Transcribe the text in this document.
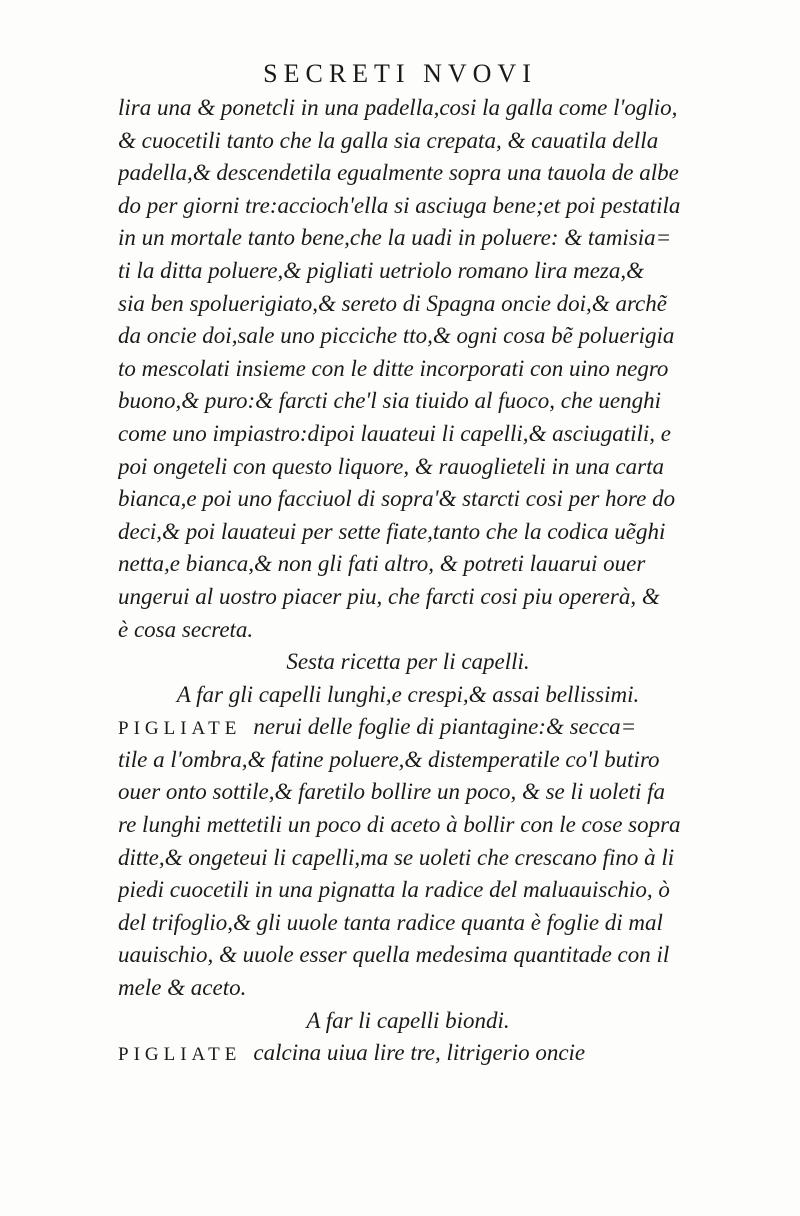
SECRETI NVOVI
lira una & ponetcli in una padella,cosi la galla come l'oglio,
& cuocetili tanto che la galla sia crepata, & cauatila della
padella,& descendetila egualmente sopra una tauola de albe
do per giorni tre:accioch'ella si asciuga bene;et poi pestatila
in un mortale tanto bene,che la uadi in poluere: & tamisia=
ti la ditta poluere,& pigliati uetriolo romano lira meza,&
sia ben spoluerigiato,& sereto di Spagna oncie doi,& archẽ
da oncie doi,sale uno picciche tto,& ogni cosa bẽ poluerigia
to mescolati insieme con le ditte incorporati con uino negro
buono,& puro:& farcti che'l sia tiuido al fuoco, che uenghi
come uno impiastro:dipoi lauateui li capelli,& asciugatili, e
poi ongeteli con questo liquore, & rauoglieteli in una carta
bianca,e poi uno facciuol di sopra'& starcti cosi per hore do
deci,& poi lauateui per sette fiate,tanto che la codica uẽghi
netta,e bianca,& non gli fati altro, & potreti lauarui ouer
ungerui al uostro piacer piu, che farcti cosi piu opererà, &
è cosa secreta.
Sesta ricetta per li capelli.
A far gli capelli lunghi,e crespi,& assai bellissimi.
PIGLIATE nerui delle foglie di piantagine:& secca=
tile a l'ombra,& fatine poluere,& distemperatile co'l butiro
ouer onto sottile,& faretilo bollire un poco, & se li uoleti fa
re lunghi mettetili un poco di aceto à bollir con le cose sopra
ditte,& ongeteui li capelli,ma se uoleti che crescano fino à li
piedi cuocetili in una pignatta la radice del maluauischio, ò
del trifoglio,& gli uuole tanta radice quanta è foglie di mal
uauischio, & uuole esser quella medesima quantitade con il
mele & aceto.
A far li capelli biondi.
PIGLIATE calcina uiua lire tre, litrigerio oncie
